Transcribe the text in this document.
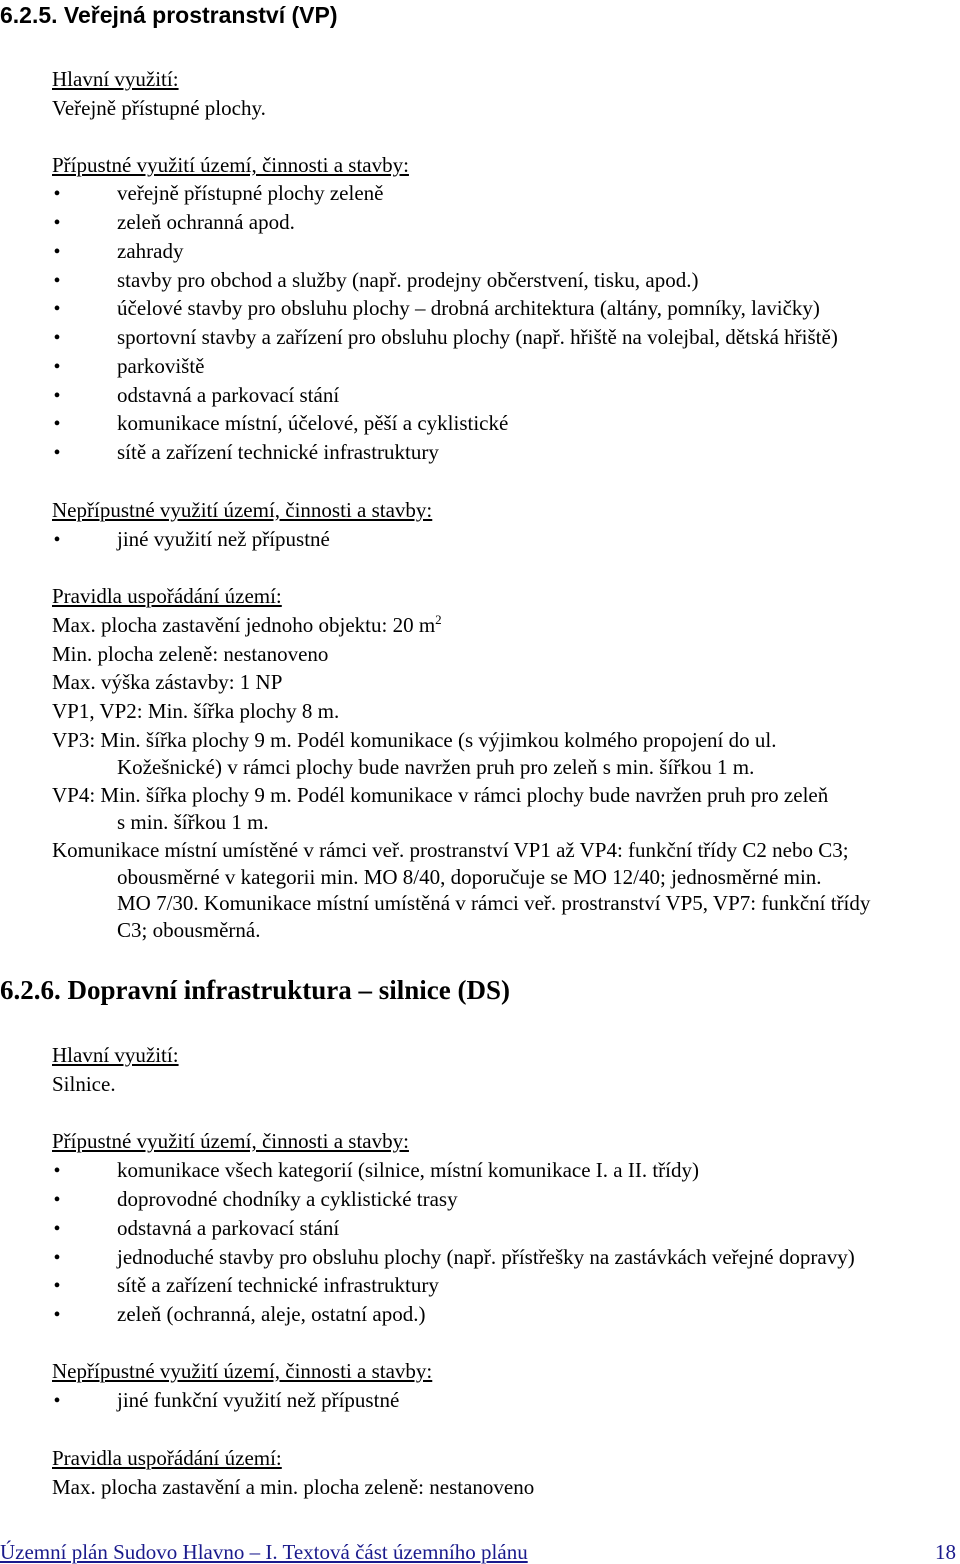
6.2.5. Veřejná prostranství (VP)
Hlavní využití:
Veřejně přístupné plochy.
Přípustné využití území, činnosti a stavby:
•
veřejně přístupné plochy zeleně
•
zeleň ochranná apod.
•
zahrady
•
stavby pro obchod a služby (např. prodejny občerstvení, tisku, apod.)
•
účelové stavby pro obsluhu plochy – drobná architektura (altány, pomníky, lavičky)
•
sportovní stavby a zařízení pro obsluhu plochy (např. hřiště na volejbal, dětská hřiště)
•
parkoviště
•
odstavná a parkovací stání
•
komunikace místní, účelové, pěší a cyklistické
•
sítě a zařízení technické infrastruktury
Nepřípustné využití území, činnosti a stavby:
•
jiné využití než přípustné
Pravidla uspořádání území:
Max. plocha zastavění jednoho objektu: 20 $m^2$
Min. plocha zeleně: nestanoveno
Max. výška zástavby: 1 NP
VP1, VP2: Min. šířka plochy 8 m.
VP3: Min. šířka plochy 9 m. Podél komunikace (s výjimkou kolmého propojení do ul.
Kožešnické) v rámci plochy bude navržen pruh pro zeleň s min. šířkou 1 m.
VP4: Min. šířka plochy 9 m. Podél komunikace v rámci plochy bude navržen pruh pro zeleň
s min. šířkou 1 m.
Komunikace místní umístěné v rámci veř. prostranství VP1 až VP4: funkční třídy C2 nebo C3;
obousměrné v kategorii min. MO 8/40, doporučuje se MO 12/40; jednosměrné min.
MO 7/30. Komunikace místní umístěná v rámci veř. prostranství VP5, VP7: funkční třídy
C3; obousměrná.
6.2.6. Dopravní infrastruktura – silnice (DS)
Hlavní využití:
Silnice.
Přípustné využití území, činnosti a stavby:
•
komunikace všech kategorií (silnice, místní komunikace I. a II. třídy)
•
doprovodné chodníky a cyklistické trasy
•
odstavná a parkovací stání
•
jednoduché stavby pro obsluhu plochy (např. přístřešky na zastávkách veřejné dopravy)
•
sítě a zařízení technické infrastruktury
•
zeleň (ochranná, aleje, ostatní apod.)
Nepřípustné využití území, činnosti a stavby:
•
jiné funkční využití než přípustné
Pravidla uspořádání území:
Max. plocha zastavění a min. plocha zeleně: nestanoveno
Územní plán Sudovo Hlavno – I. Textová část územního plánu	18
